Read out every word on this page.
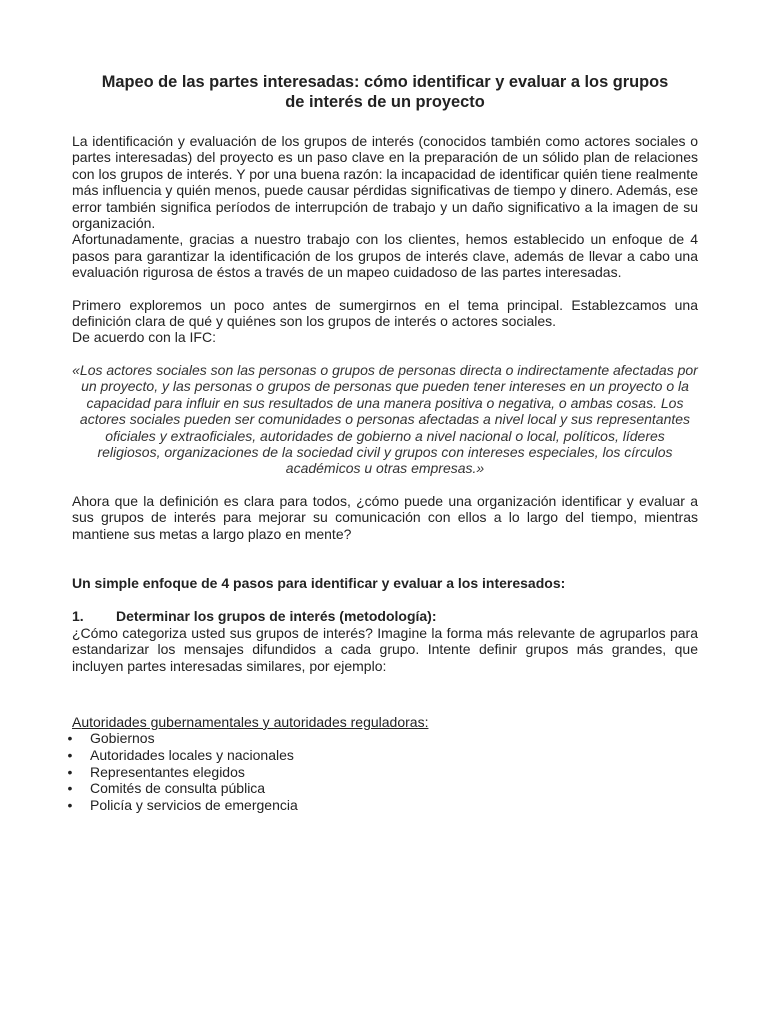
Mapeo de las partes interesadas: cómo identificar y evaluar a los grupos
de interés de un proyecto

La identificación y evaluación de los grupos de interés (conocidos también como actores sociales o partes interesadas) del proyecto es un paso clave en la preparación de un sólido plan de relaciones con los grupos de interés. Y por una buena razón: la incapacidad de identificar quién tiene realmente más influencia y quién menos, puede causar pérdidas significativas de tiempo y dinero. Además, ese error también significa períodos de interrupción de trabajo y un daño significativo a la imagen de su organización.

Afortunadamente, gracias a nuestro trabajo con los clientes, hemos establecido un enfoque de 4 pasos para garantizar la identificación de los grupos de interés clave, además de llevar a cabo una evaluación rigurosa de éstos a través de un mapeo cuidadoso de las partes interesadas.

Primero exploremos un poco antes de sumergirnos en el tema principal. Establezcamos una definición clara de qué y quiénes son los grupos de interés o actores sociales.

De acuerdo con la IFC:

«Los actores sociales son las personas o grupos de personas directa o indirectamente afectadas por un proyecto, y las personas o grupos de personas que pueden tener intereses en un proyecto o la capacidad para influir en sus resultados de una manera positiva o negativa, o ambas cosas. Los actores sociales pueden ser comunidades o personas afectadas a nivel local y sus representantes oficiales y extraoficiales, autoridades de gobierno a nivel nacional o local, políticos, líderes religiosos, organizaciones de la sociedad civil y grupos con intereses especiales, los círculos académicos u otras empresas.»

Ahora que la definición es clara para todos, ¿cómo puede una organización identificar y evaluar a sus grupos de interés para mejorar su comunicación con ellos a lo largo del tiempo, mientras mantiene sus metas a largo plazo en mente?

Un simple enfoque de 4 pasos para identificar y evaluar a los interesados:
1.	Determinar los grupos de interés (metodología):

¿Cómo categoriza usted sus grupos de interés? Imagine la forma más relevante de agruparlos para estandarizar los mensajes difundidos a cada grupo. Intente definir grupos más grandes, que incluyen partes interesadas similares, por ejemplo:

Autoridades gubernamentales y autoridades reguladoras:

• Gobiernos
• Autoridades locales y nacionales
• Representantes elegidos
• Comités de consulta pública
• Policía y servicios de emergencia
